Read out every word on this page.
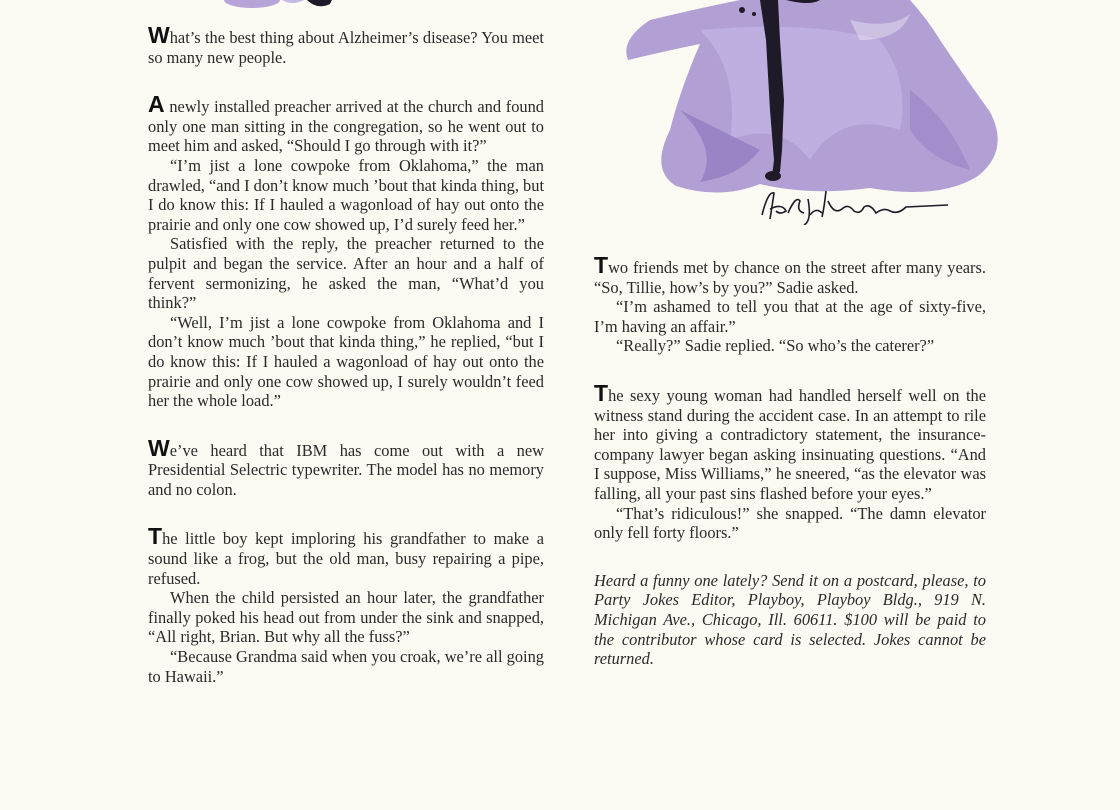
What’s the best thing about Alzheimer’s disease? You meet so many new people.

A newly installed preacher arrived at the church and found only one man sitting in the congregation, so he went out to meet him and asked, “Should I go through with it?”

“I’m jist a lone cowpoke from Oklahoma,” the man drawled, “and I don’t know much ’bout that kinda thing, but I do know this: If I hauled a wagonload of hay out onto the prairie and only one cow showed up, I’d surely feed her.”

Satisfied with the reply, the preacher returned to the pulpit and began the service. After an hour and a half of fervent sermonizing, he asked the man, “What’d you think?”

“Well, I’m jist a lone cowpoke from Oklahoma and I don’t know much ’bout that kinda thing,” he replied, “but I do know this: If I hauled a wagonload of hay out onto the prairie and only one cow showed up, I surely wouldn’t feed her the whole load.”

We’ve heard that IBM has come out with a new Presidential Selectric typewriter. The model has no memory and no colon.

The little boy kept imploring his grandfather to make a sound like a frog, but the old man, busy repairing a pipe, refused.

When the child persisted an hour later, the grandfather finally poked his head out from under the sink and snapped, “All right, Brian. But why all the fuss?”

“Because Grandma said when you croak, we’re all going to Hawaii.”

Two friends met by chance on the street after many years. “So, Tillie, how’s by you?” Sadie asked.

“I’m ashamed to tell you that at the age of sixty-five, I’m having an affair.”

“Really?” Sadie replied. “So who’s the caterer?”

The sexy young woman had handled herself well on the witness stand during the accident case. In an attempt to rile her into giving a contradictory statement, the insurance-company lawyer began asking insinuating questions. “And I suppose, Miss Williams,” he sneered, “as the elevator was falling, all your past sins flashed before your eyes.”

“That’s ridiculous!” she snapped. “The damn elevator only fell forty floors.”

Heard a funny one lately? Send it on a postcard, please, to Party Jokes Editor, Playboy, Playboy Bldg., 919 N. Michigan Ave., Chicago, Ill. 60611. $100 will be paid to the contributor whose card is selected. Jokes cannot be returned.
